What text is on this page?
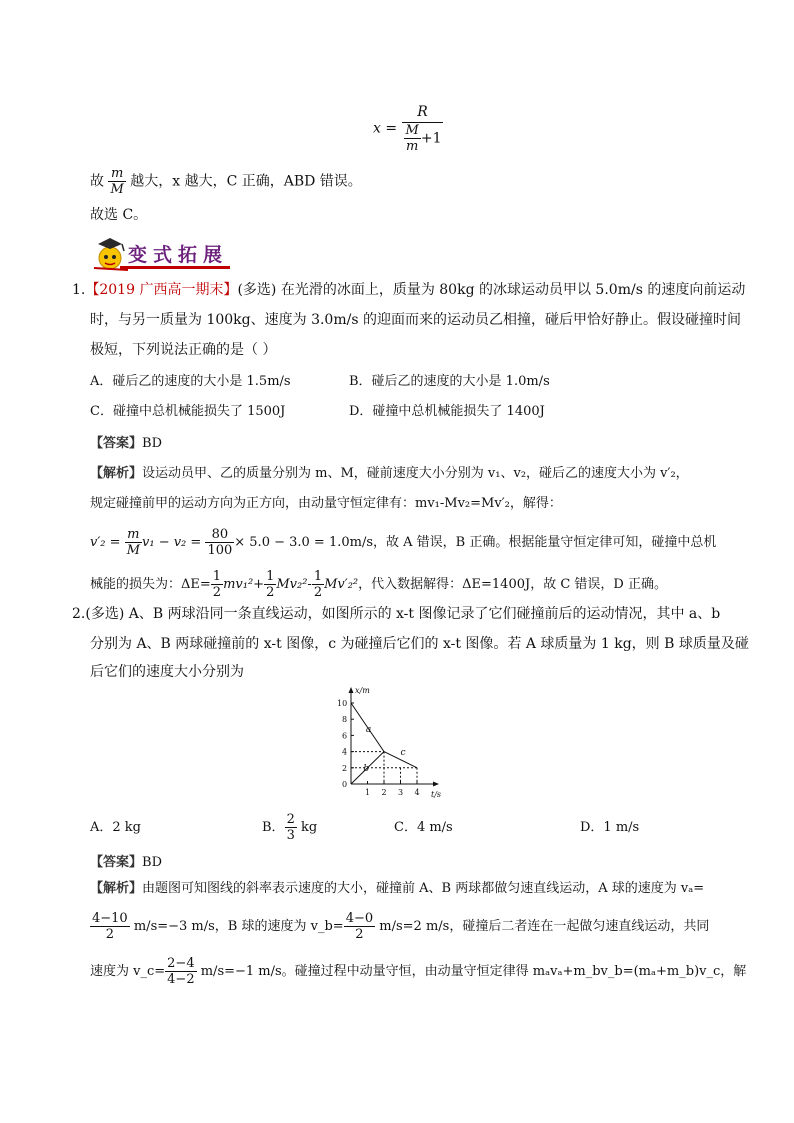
$x = \frac{R}{\frac{M}{m} +1}$
故 $\frac{m}{M}$ 越大，x 越大，C 正确，ABD 错误。
故选 C。
变式拓展
1.【2019 广西高一期末】(多选) 在光滑的冰面上，质量为 80kg 的冰球运动员甲以 5.0m/s 的速度向前运动
时，与另一质量为 100kg、速度为 3.0m/s 的迎面而来的运动员乙相撞，碰后甲恰好静止。假设碰撞时间
极短，下列说法正确的是（ ）
A．碰后乙的速度的大小是 1.5m/s	B．碰后乙的速度的大小是 1.0m/s
C．碰撞中总机械能损失了 1500J	D．碰撞中总机械能损失了 1400J
【答案】BD
【解析】设运动员甲、乙的质量分别为 m、M，碰前速度大小分别为 v₁、v₂，碰后乙的速度大小为 v′₂，
规定碰撞前甲的运动方向为正方向，由动量守恒定律有：mv₁-Mv₂=Mv′₂，解得：
$v'_2 = \frac{m}{M} v_1 - v_2 = \frac{80}{100} \times 5.0 - 3.0 = 1.0m/s$，故 A 错误，B 正确。根据能量守恒定律可知，碰撞中总机
械能的损失为：$\Delta E= \frac{1}{2} mv_1^2+ \frac{1}{2} Mv_2^2- \frac{1}{2} Mv'_2^2$，代入数据解得：ΔE=1400J，故 C 错误，D 正确。
2.(多选) A、B 两球沿同一条直线运动，如图所示的 x-t 图像记录了它们碰撞前后的运动情况，其中 a、b
分别为 A、B 两球碰撞前的 x-t 图像，c 为碰撞后它们的 x-t 图像。若 A 球质量为 1 kg，则 B 球质量及碰
后它们的速度大小分别为
x/m
t/s
0
2
4
6
8
10
1 2 3 4
a
b
c
A．2 kg	B． $\frac{2}{3}$ kg	C．4 m/s	D．1 m/s
【答案】BD
【解析】由题图可知图线的斜率表示速度的大小，碰撞前 A、B 两球都做匀速直线运动，A 球的速度为 vₐ=
$\frac{4-10}{2} m/s=-3$ m/s，B 球的速度为 v_b= $\frac{4-0}{2} m/s=2$ m/s，碰撞后二者连在一起做匀速直线运动，共同
速度为 v_c= $\frac{2-4}{4-2} m/s=-1$ m/s。碰撞过程中动量守恒，由动量守恒定律得 mₐvₐ+m_bv_b=(mₐ+m_b)v_c，解
